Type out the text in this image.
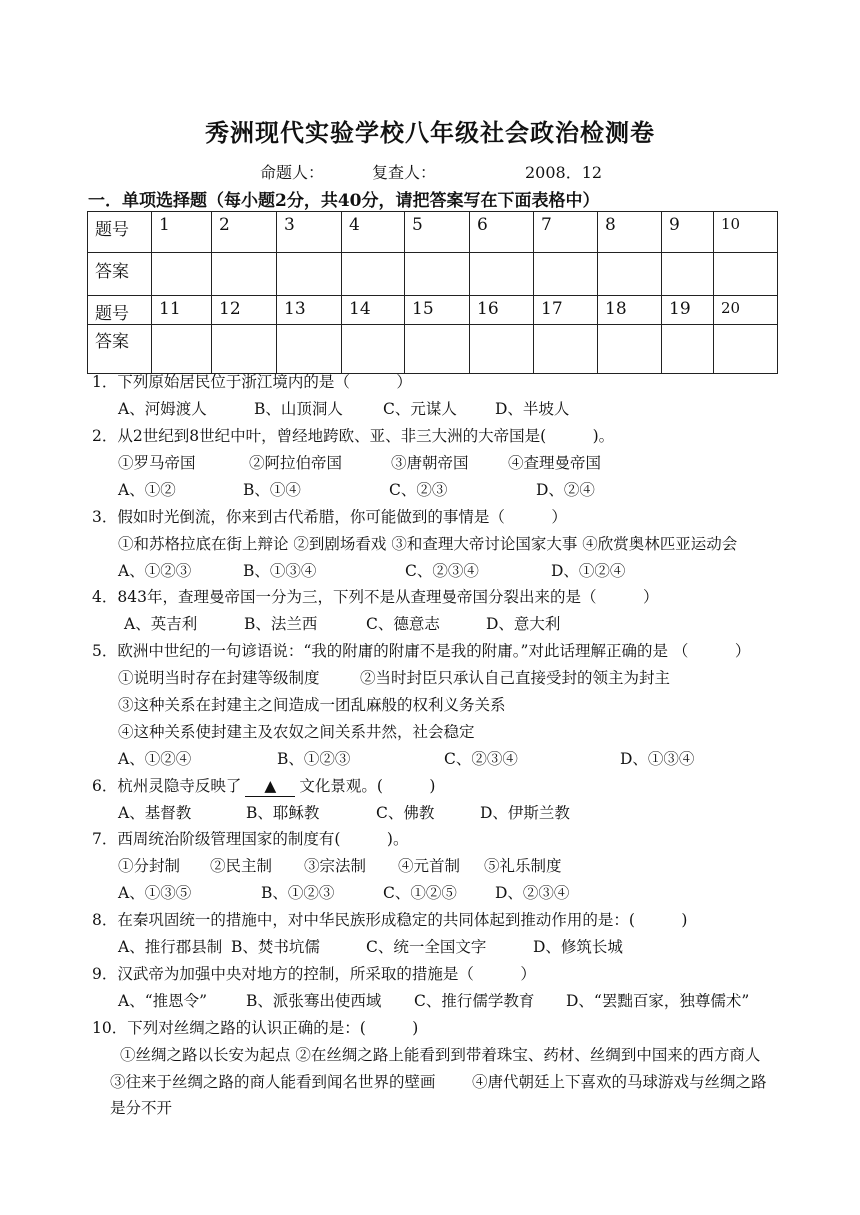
秀洲现代实验学校八年级社会政治检测卷
命题人：	复查人：	2008．12
一．单项选择题（每小题2分，共40分，请把答案写在下面表格中）
题号	1	2	3	4	5	6	7	8	9	10
答案										
题号	11	12	13	14	15	16	17	18	19	20
答案										
1．下列原始居民位于浙江境内的是（　　　）
A、河姆渡人	B、山顶洞人	C、元谋人 D、半坡人
2．从2世纪到8世纪中叶，曾经地跨欧、亚、非三大洲的大帝国是(　　　)。
①罗马帝国	②阿拉伯帝国	③唐朝帝国	④查理曼帝国
A、①②	B、①④	C、②③	D、②④
3．假如时光倒流，你来到古代希腊，你可能做到的事情是（　　　）
①和苏格拉底在街上辩论 ②到剧场看戏 ③和查理大帝讨论国家大事 ④欣赏奥林匹亚运动会
A、①②③	B、①③④	C、②③④	D、①②④
4．843年，查理曼帝国一分为三，下列不是从查理曼帝国分裂出来的是（　　　）
A、英吉利	B、法兰西	C、德意志	D、意大利
5．欧洲中世纪的一句谚语说：“我的附庸的附庸不是我的附庸。”对此话理解正确的是 （　　　）
①说明当时存在封建等级制度	②当时封臣只承认自己直接受封的领主为封主
③这种关系在封建主之间造成一团乱麻般的权利义务关系
④这种关系使封建主及农奴之间关系井然，社会稳定
A、①②④	B、①②③	C、②③④	D、①③④
6．杭州灵隐寺反映了 ▲ 文化景观。(　　　)
A、基督教	B、耶稣教	C、佛教	D、伊斯兰教
7．西周统治阶级管理国家的制度有(　　　)。
①分封制 ②民主制 ③宗法制 ④元首制 ⑤礼乐制度
A、①③⑤	B、①②③	C、①②⑤ D、②③④
8．在秦巩固统一的措施中，对中华民族形成稳定的共同体起到推动作用的是：(　　　)
A、推行郡县制 B、焚书坑儒	C、统一全国文字	D、修筑长城
9．汉武帝为加强中央对地方的控制，所采取的措施是（　　　）
A、“推恩令”	B、派张骞出使西域 C、推行儒学教育 D、“罢黜百家，独尊儒术”
10．下列对丝绸之路的认识正确的是：(　　　)
①丝绸之路以长安为起点 ②在丝绸之路上能看到到带着珠宝、药材、丝绸到中国来的西方商人
③往来于丝绸之路的商人能看到闻名世界的壁画 ④唐代朝廷上下喜欢的马球游戏与丝绸之路
是分不开
